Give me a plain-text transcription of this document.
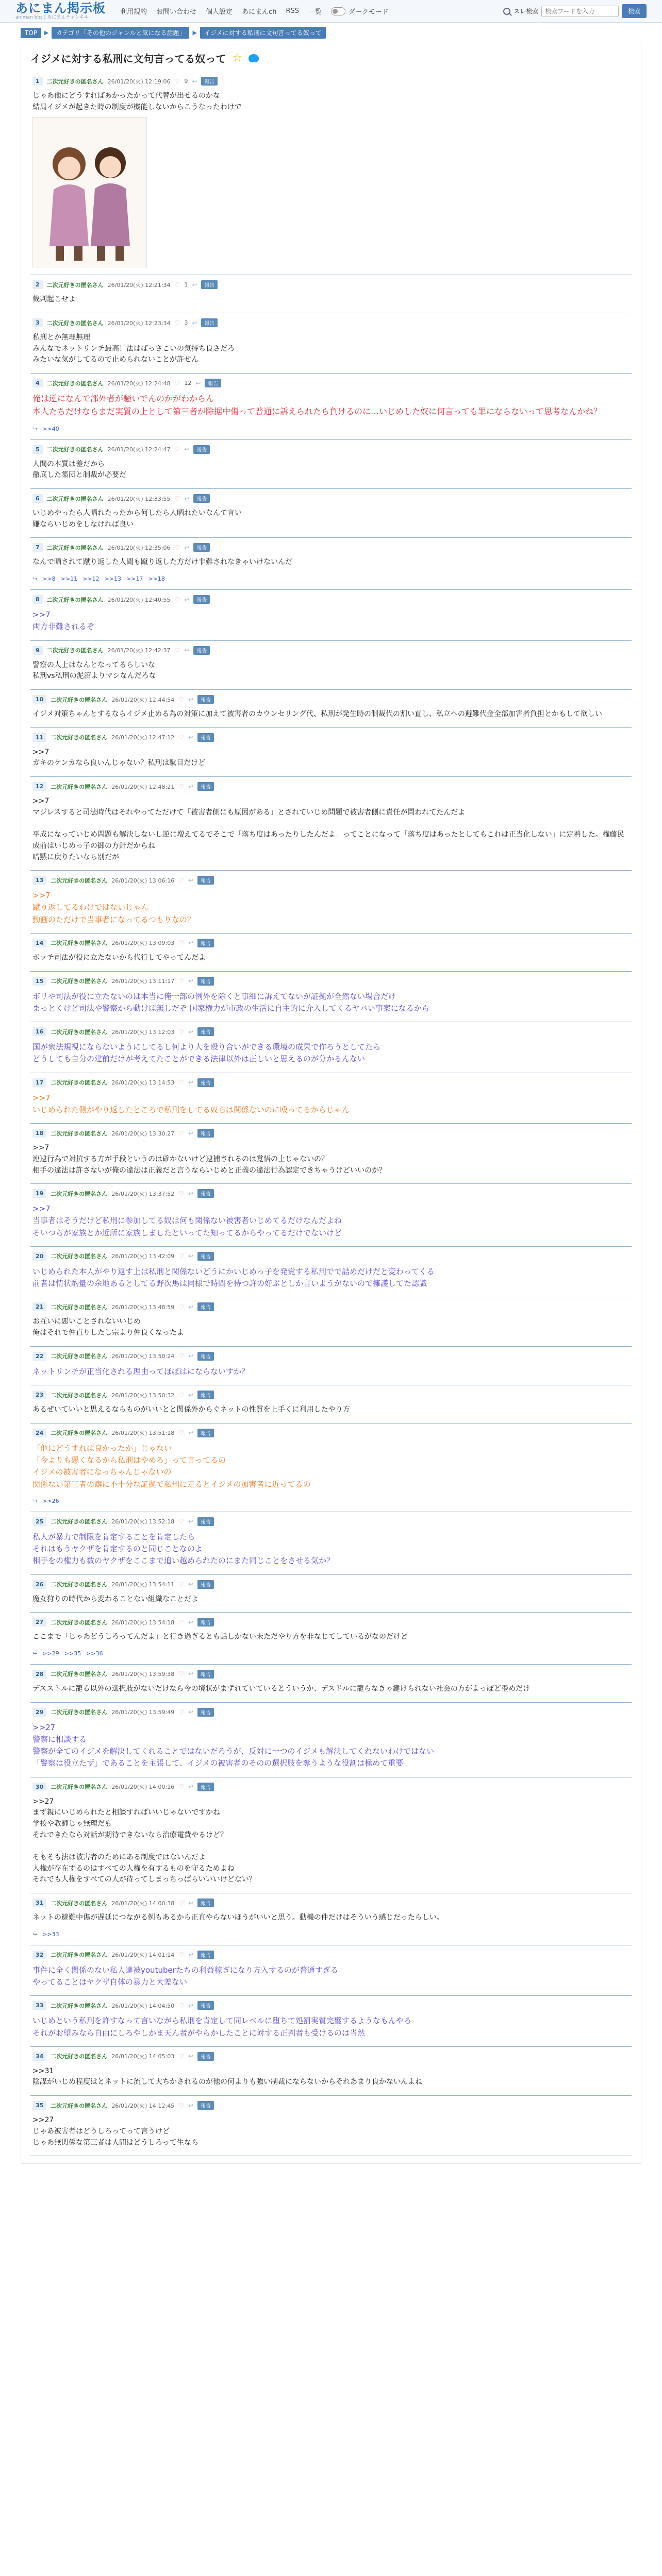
あにまん掲示板
animan bbs | あにまんチャンネル
利用規約 お問い合わせ 個人設定 あにまんch RSS 一覧	ダークモード	スレ検索
検索ワードを入力	検索
TOP	▶	カテゴリ「その他のジャンルと気になる話題」	▶	イジメに対する私刑に文句言ってる奴って
イジメに対する私刑に文句言ってる奴って ☆
1	二次元好きの匿名さん 26/01/20(火) 12:19:06 ♡ 9 ↩	報告
じゃあ他にどうすればあかったかって代替が出せるのかな
結局イジメが起きた時の制度が機能しないからこうなったわけで
2	二次元好きの匿名さん 26/01/20(火) 12:21:34 ♡ 1 ↩	報告
裁判起こせよ
3	二次元好きの匿名さん 26/01/20(火) 12:23:34 ♡ 3 ↩	報告
私刑とか無理無理
みんなでネットリンチ最高！法はばっさこいの気持ち良さだろ
みたいな気がしてるので止められないことが許せん

4	二次元好きの匿名さん 26/01/20(火) 12:24:48 ♡ 12 ↩	報告
俺は逆になんで部外者が騒いでんのかがわからん
本人たちだけならまだ実質の上として第三者が除据中傷って普通に訴えられたら負けるのに…いじめした奴に何言っても罪にならないって思考なんかね？
↪ >>40
5	二次元好きの匿名さん 26/01/20(火) 12:24:47 ♡ ↩	報告
人間の本質は差だから
徹底した集団と制裁が必要だ
6	二次元好きの匿名さん 26/01/20(火) 12:33:55 ♡ ↩	報告
いじめやったら人晒れたったから何したら人晒れたいなんて言い
嫌ならいじめをしなければ良い
7	二次元好きの匿名さん 26/01/20(火) 12:35:06 ♡ ↩	報告
なんで晒されて蹴り返した人間も蹴り返した方だけ非難されなきゃいけないんだ
↪ >>8 >>11 >>12 >>13 >>17 >>18
8	二次元好きの匿名さん 26/01/20(火) 12:40:55 ♡ ↩	報告
>>7
両方非難されるぞ
9	二次元好きの匿名さん 26/01/20(火) 12:42:37 ♡ ↩	報告
警察の人上はなんとなってるらしいな
私刑vs私刑の泥沼よりマシなんだろな
10	二次元好きの匿名さん 26/01/20(火) 12:44:54 ♡ ↩	報告
イジメ対策ちゃんとするならイジメ止める為の対策に加えて被害者のカウンセリング代、私刑が発生時の制裁代の割い直し、私立への避難代金全部加害者負担とかもして欲しい
11	二次元好きの匿名さん 26/01/20(火) 12:47:12 ♡ ↩	報告
>>7
ガキのケンカなら良いんじゃない？私刑は駄目だけど
12	二次元好きの匿名さん 26/01/20(火) 12:48:21 ♡ ↩	報告
>>7
マジレスすると司法時代はそれやってただけて「被害者側にも原因がある」とされていじめ問題で被害者側に責任が問われてたんだよ

平成になっていじめ問題も解決しないし逆に増えてるでそこで「落ち度はあったりしたんだよ」ってことになって「落ち度はあったとしてもこれは正当化しない」に定着した。権藤民成前はいじめっ子の御の方針だからね
暗黙に戻りたいなら別だが
13	二次元好きの匿名さん 26/01/20(火) 13:06:16 ♡ ↩	報告
>>7
蹴り返してるわけではないじゃん
動画のただけで当事者になってるつもりなの？
14	二次元好きの匿名さん 26/01/20(火) 13:09:03 ♡ ↩	報告
ボッチ司法が役に立たないから代行してやってんだよ
15	二次元好きの匿名さん 26/01/20(火) 13:11:17 ♡ ↩	報告
ボリや司法が役に立たないのは本当に俺一部の例外を除くと事細に訴えてないが証拠が全然ない場合だけ
まっとくけど司法や警察から動けば無しだぞ 国家権力が市政の生活に自主的に介入してくるヤバい事案になるから
16	二次元好きの匿名さん 26/01/20(火) 13:12:03 ♡ ↩	報告
国が衆法規視にならないようにしてるし何より人を殴り合いができる環境の成果で作ろうとしてたら
どうしても自分の建前だけが考えてたことができる法律以外は正しいと思えるのが分かるんない
17	二次元好きの匿名さん 26/01/20(火) 13:14:53 ♡ ↩	報告
>>7
いじめられた側がやり返したところで私刑をしてる奴らは関係ないのに殴ってるからじゃん
18	二次元好きの匿名さん 26/01/20(火) 13:30:27 ♡ ↩	報告
>>7
連逮行為で対抗する方が手段というのは確かないけど逮捕されるのは覚悟の上じゃないの？
相手の違法は許さないが俺の違法は正義だと言うならいじめと正義の違法行為認定できちゃうけどいいのか？
19	二次元好きの匿名さん 26/01/20(火) 13:37:52 ♡ ↩	報告
>>7
当事者はそうだけど私刑に参加してる奴は何も関係ない被害者いじめてるだけなんだよね
そいつらが家族とか近所に家族しましたといってた知ってるからやってるだけでないけど
20	二次元好きの匿名さん 26/01/20(火) 13:42:09 ♡ ↩	報告
いじめられた本人がやり返す上は私刑と関係ないどうにかいじめっ子を発覚する私刑でで詰めだけだと変わってくる
前者は情状酌量の余地あるとしてる野次馬は同様で時間を待つ許の好ぶとしか言いようがないので擁護してた認識
21	二次元好きの匿名さん 26/01/20(火) 13:48:59 ♡ ↩	報告
お互いに悪いことされないいじめ
俺はそれで仲直りしたし宗より仲良くなったよ
22	二次元好きの匿名さん 26/01/20(火) 13:50:24 ♡ ↩	報告
ネットリンチが正当化される理由ってほぼはにならないすか？
23	二次元好きの匿名さん 26/01/20(火) 13:50:32 ♡ ↩	報告
あるぜいていいと思えるならものがいいとと関係外からぐネットの性質を上手くに利用したやり方

24	二次元好きの匿名さん 26/01/20(火) 13:51:18 ♡ ↩	報告
「他にどうすれば良かったか」じゃない
「今よりも悪くなるから私刑はやめろ」って言ってるの
イジメの被害者になっちゃんじゃないの
関係ない第三者の癖に不十分な証拠で私刑に走るとイジメの加害者に近ってるの
↪ >>26
25	二次元好きの匿名さん 26/01/20(火) 13:52:18 ♡ ↩	報告
私人が暴力で制限を肯定することを肯定したら
それはもうヤクザを肯定するのと同じことなのよ
相手をの権力も数のヤクザをここまで追い越められたのにまた同じことをさせる気か？
26	二次元好きの匿名さん 26/01/20(火) 13:54:11 ♡ ↩	報告
魔女狩りの時代から変わることない組織なことだよ
27	二次元好きの匿名さん 26/01/20(火) 13:54:18 ♡ ↩	報告
ここまで「じゃあどうしろってんだよ」と行き過ぎるとも話しかない未ただやり方を非なじてしているがなのだけど
↪ >>29 >>35 >>36
28	二次元好きの匿名さん 26/01/20(火) 13:59:38 ♡ ↩	報告
デスストルに籠る以外の選択肢がないだけなら今の境状がまずれていているとういうか、デスドルに籠らなきゃ鍵けられない社会の方がよっぽど歪めだけ
29	二次元好きの匿名さん 26/01/20(火) 13:59:49 ♡ ↩	報告
>>27
警察に相談する
警察が全てのイジメを解決してくれることではないだろうが、反対に一つのイジメも解決してくれないわけではない
「警察は役立たず」であることを主張して、イジメの被害者のそのの選択肢を奪うような役割は極めて重要
30	二次元好きの匿名さん 26/01/20(火) 14:00:16 ♡ ↩	報告
>>27
まず親にいじめられたと相談すればいいじゃないですかね
学校や教師じゃ無理だも
それできたなら対話が期待できないなら治療電費やるけど？

そもそも法は被害者のためにある制度ではないんだよ
人権が存在するのはすべての人権を有するものを守るためよね
それでも人権をすべての人が待ってしまっちっぱらいいいけどない？
31	二次元好きの匿名さん 26/01/20(火) 14:00:38 ♡ ↩	報告
ネットの避難中傷が遅延につながる例もあるから正直やらないほうがいいと思う。動機の件だけはそういう感じだったらしい。
↪ >>33
32	二次元好きの匿名さん 26/01/20(火) 14:01:14 ♡ ↩	報告
事件に全く関係のない私人達被youtuberたちの利益稼ぎになり方入するのが普通すぎる
やってることはヤクザ自体の暴力と大差ない
33	二次元好きの匿名さん 26/01/20(火) 14:04:50 ♡ ↩	報告
いじめという私刑を許すなって言いながら私刑を肯定して同レベルに堕ちて処罰実質完璧するようなもんやろ
それがお望みなら自由にしろやしかま天ん者がやらかしたことに対する正判者も受けるのは当然
34	二次元好きの匿名さん 26/01/20(火) 14:05:03 ♡ ↩	報告
>>31
陰謀がいじめ程度はとネットに流して大ちかされるのが他の何よりも強い制裁にならないからそれあまり良かないんよね
35	二次元好きの匿名さん 26/01/20(火) 14:12:45 ♡ ↩	報告
>>27
じゃあ被害者はどうしろってって言うけど
じゃあ無関係な第三者は人間はどうしろって生なら
